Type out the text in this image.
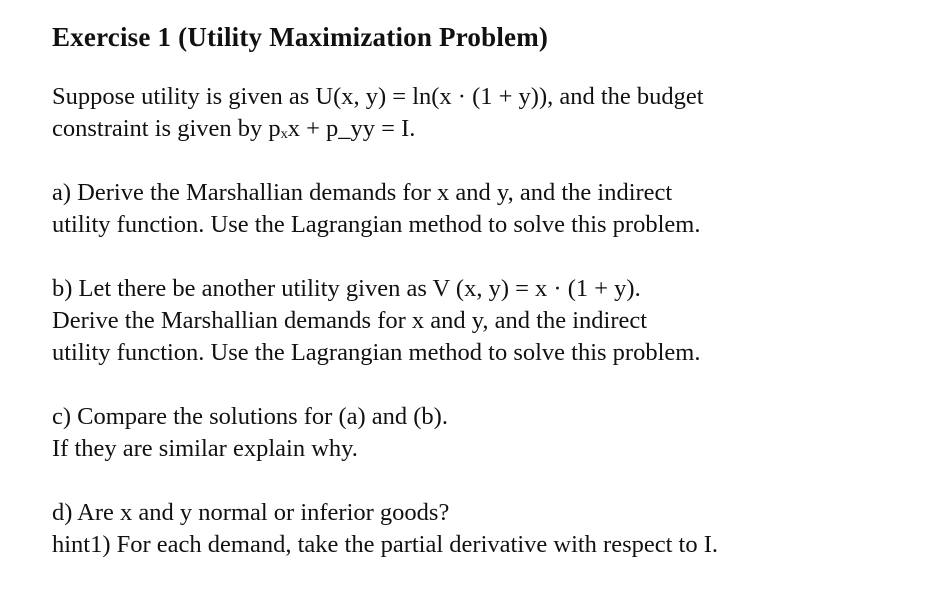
Exercise 1 (Utility Maximization Problem)
Suppose utility is given as U(x, y) = ln(x · (1 + y)), and the budget
constraint is given by pₓx + p_yy = I.
a) Derive the Marshallian demands for x and y, and the indirect
utility function. Use the Lagrangian method to solve this problem.
b) Let there be another utility given as V (x, y) = x · (1 + y).
Derive the Marshallian demands for x and y, and the indirect
utility function. Use the Lagrangian method to solve this problem.
c) Compare the solutions for (a) and (b).
If they are similar explain why.
d) Are x and y normal or inferior goods?
hint1) For each demand, take the partial derivative with respect to I.
